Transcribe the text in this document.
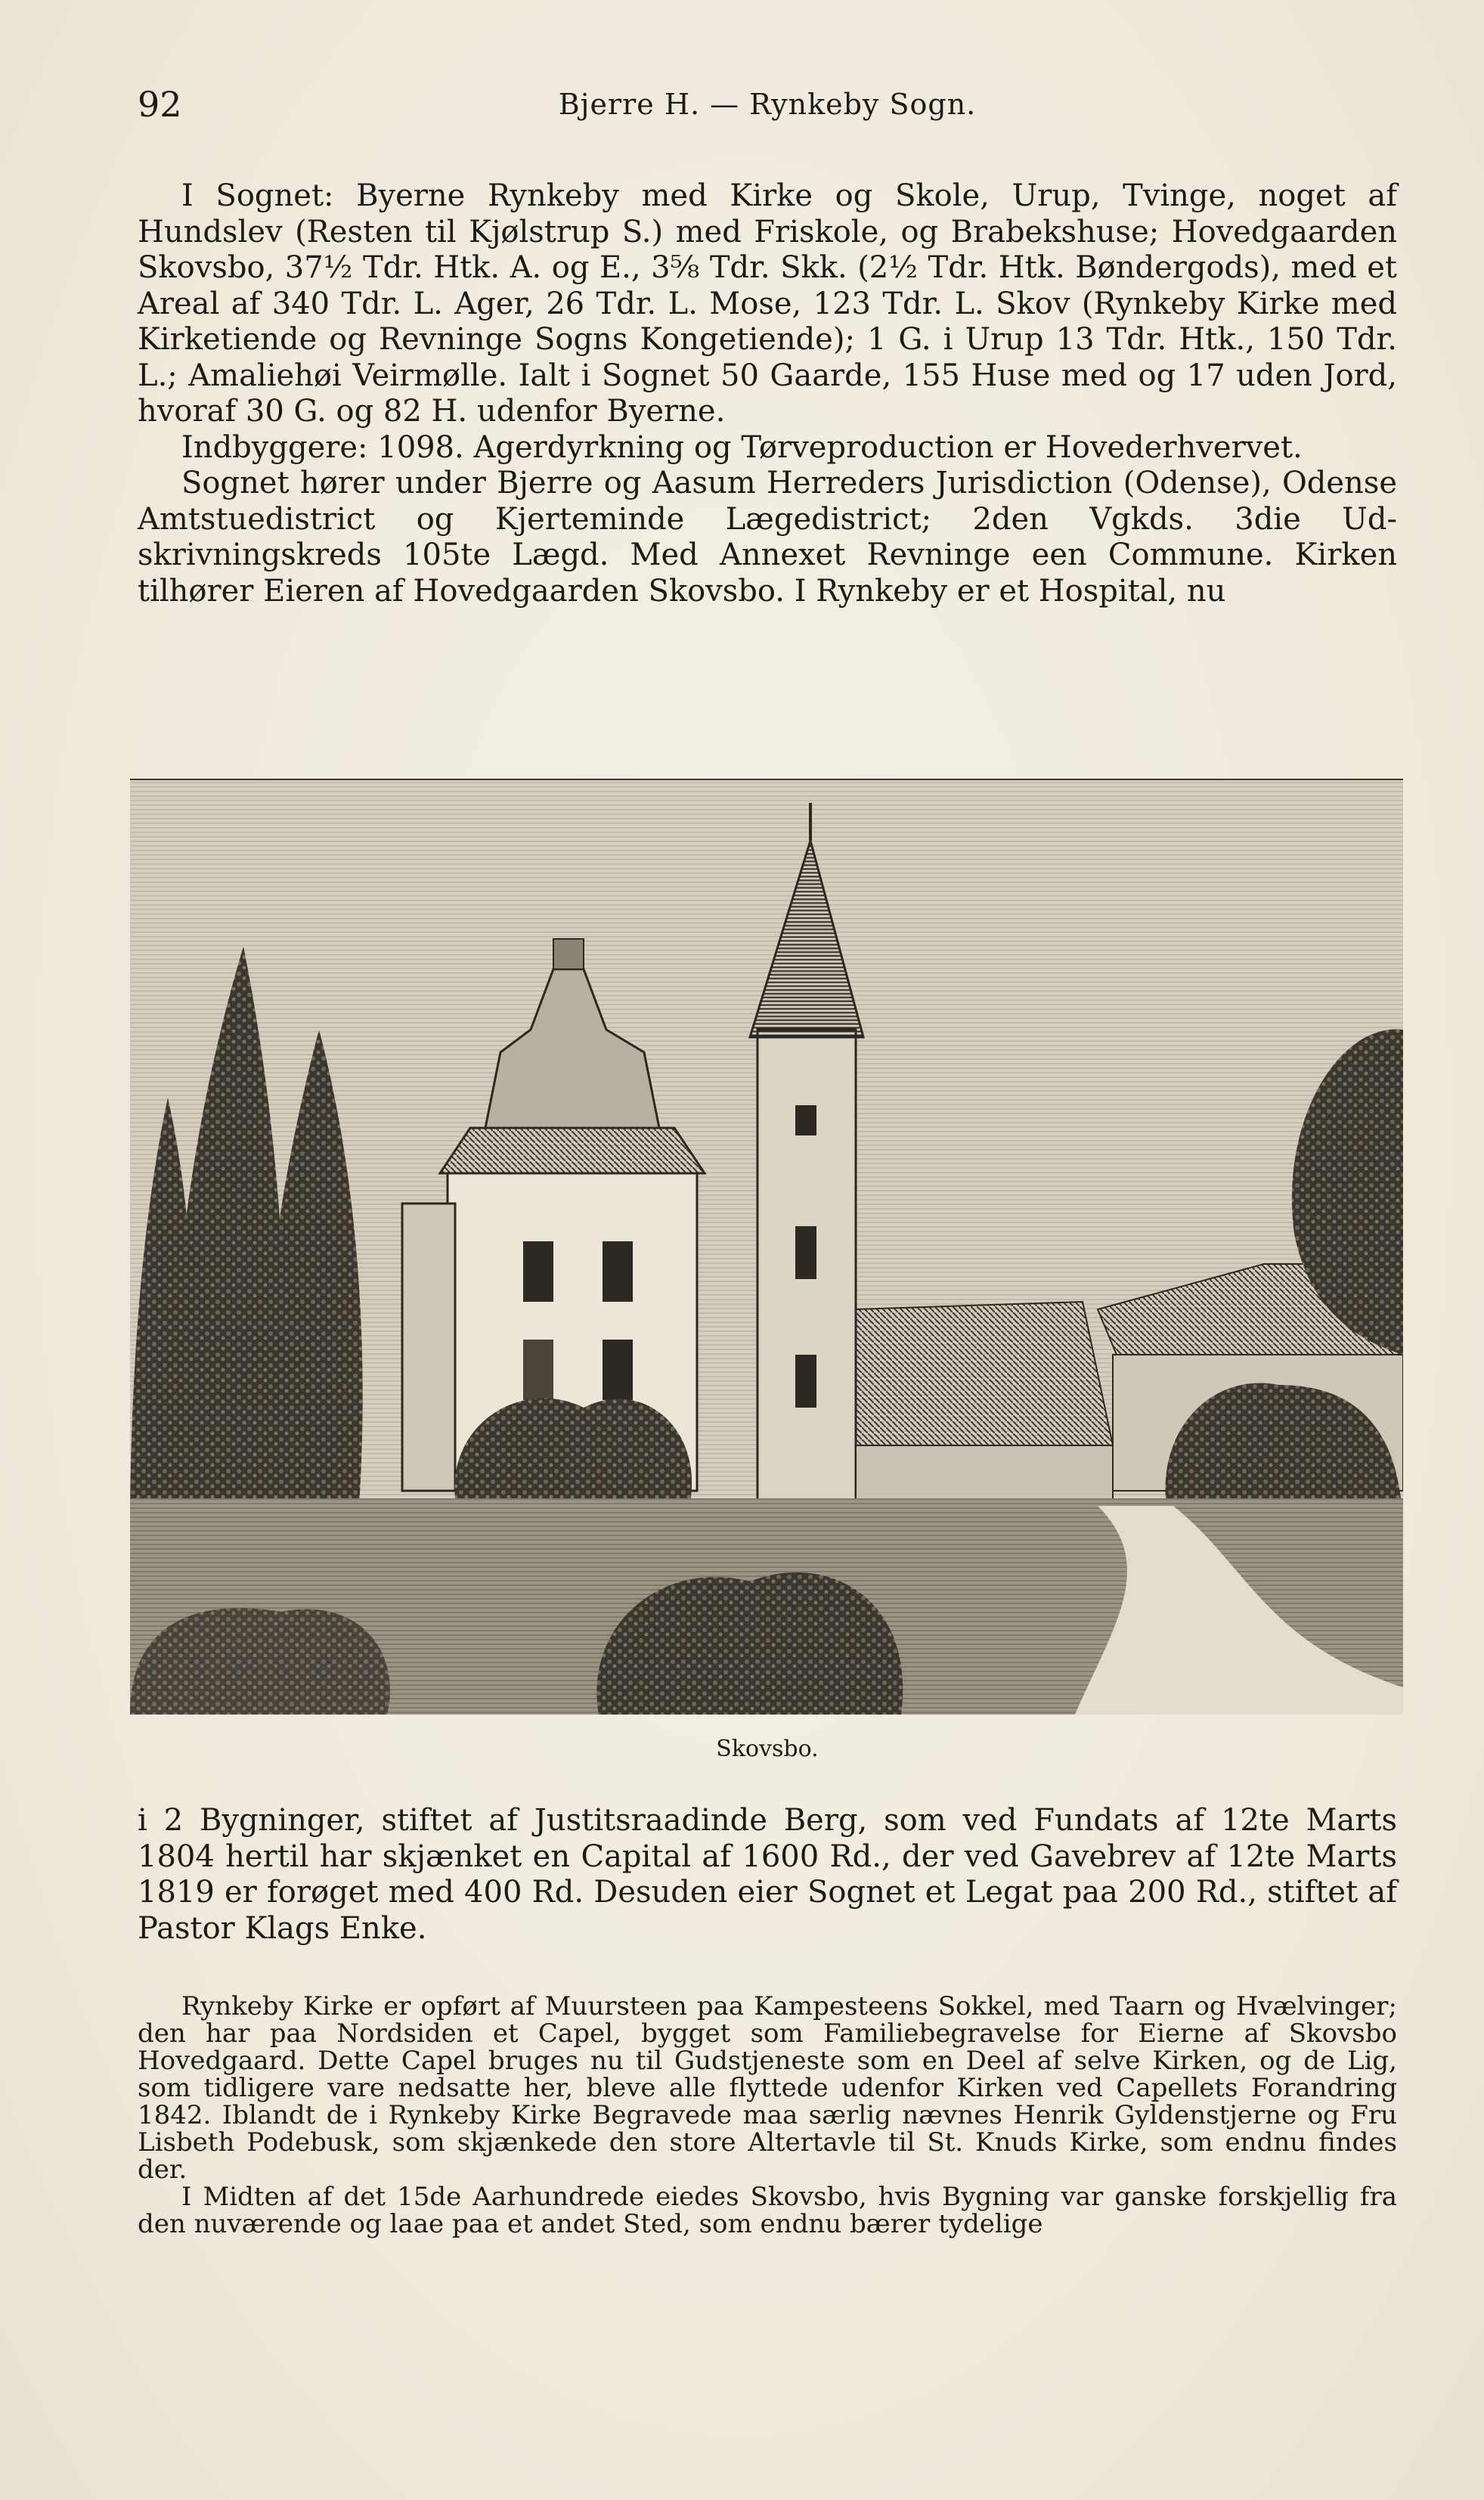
92	Bjerre H. — Rynkeby Sogn.

I Sognet: Byerne Rynkeby med Kirke og Skole, Urup, Tvinge, noget af Hundslev (Resten til Kjølstrup S.) med Friskole, og Brabekshuse; Hovedgaarden Skovsbo, 37½ Tdr. Htk. A. og E., 3⅝ Tdr. Skk. (2½ Tdr. Htk. Bøndergods), med et Areal af 340 Tdr. L. Ager, 26 Tdr. L. Mose, 123 Tdr. L. Skov (Rynkeby Kirke med Kirketiende og Revninge Sogns Kongetiende); 1 G. i Urup 13 Tdr. Htk., 150 Tdr. L.; Amaliehøi Veirmølle. Ialt i Sognet 50 Gaarde, 155 Huse med og 17 uden Jord, hvoraf 30 G. og 82 H. udenfor Byerne.

Indbyggere: 1098. Agerdyrkning og Tørveproduction er Hovederhvervet.

Sognet hører under Bjerre og Aasum Herreders Jurisdiction (Odense), Odense Amtstuedistrict og Kjerteminde Lægedistrict; 2den Vgkds. 3die Udskrivningskreds 105te Lægd. Med Annexet Revninge een Commune. Kirken tilhører Eieren af Hovedgaarden Skovsbo. I Rynkeby er et Hospital, nu

Skovsbo.

i 2 Bygninger, stiftet af Justitsraadinde Berg, som ved Fundats af 12te Marts 1804 hertil har skjænket en Capital af 1600 Rd., der ved Gavebrev af 12te Marts 1819 er forøget med 400 Rd. Desuden eier Sognet et Legat paa 200 Rd., stiftet af Pastor Klags Enke.

Rynkeby Kirke er opført af Muursteen paa Kampesteens Sokkel, med Taarn og Hvælvinger; den har paa Nordsiden et Capel, bygget som Familiebegravelse for Eierne af Skovsbo Hovedgaard. Dette Capel bruges nu til Gudstjeneste som en Deel af selve Kirken, og de Lig, som tidligere vare nedsatte her, bleve alle flyttede udenfor Kirken ved Capellets Forandring 1842. Iblandt de i Rynkeby Kirke Begravede maa særlig nævnes Henrik Gyldenstjerne og Fru Lisbeth Podebusk, som skjænkede den store Altertavle til St. Knuds Kirke, som endnu findes der.

I Midten af det 15de Aarhundrede eiedes Skovsbo, hvis Bygning var ganske forskjellig fra den nuværende og laae paa et andet Sted, som endnu bærer tydelige
